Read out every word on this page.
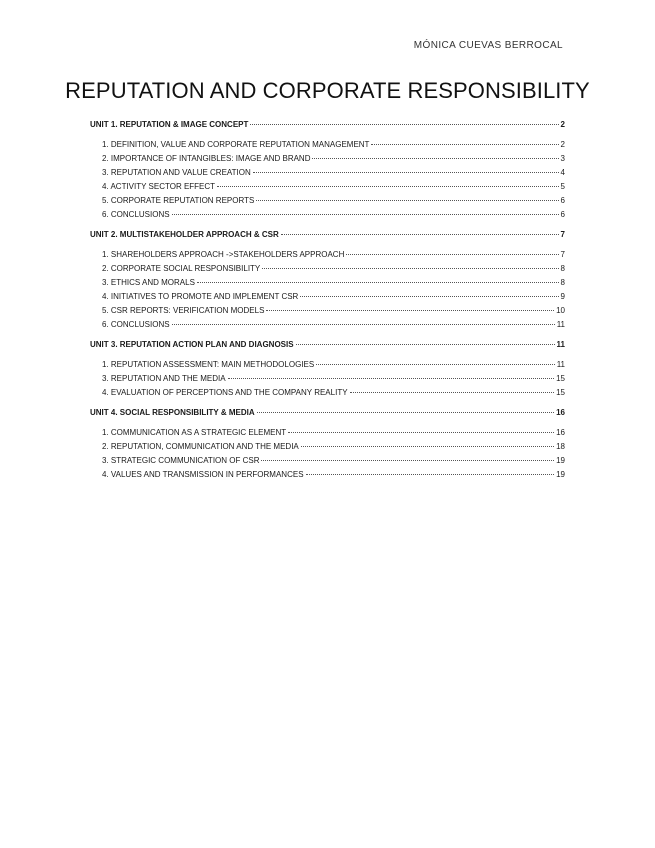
MÓNICA CUEVAS BERROCAL
REPUTATION AND CORPORATE RESPONSIBILITY
UNIT 1. REPUTATION & IMAGE CONCEPT	2
1. DEFINITION, VALUE AND CORPORATE REPUTATION MANAGEMENT	2
2. IMPORTANCE OF INTANGIBLES: IMAGE AND BRAND	3
3. REPUTATION AND VALUE CREATION	4
4. ACTIVITY SECTOR EFFECT	5
5. CORPORATE REPUTATION REPORTS	6
6. CONCLUSIONS	6
UNIT 2. MULTISTAKEHOLDER APPROACH & CSR	7
1. SHAREHOLDERS APPROACH ->STAKEHOLDERS APPROACH	7
2. CORPORATE SOCIAL RESPONSIBILITY	8
3. ETHICS AND MORALS	8
4. INITIATIVES TO PROMOTE AND IMPLEMENT CSR	9
5. CSR REPORTS: VERIFICATION MODELS	10
6. CONCLUSIONS	11
UNIT 3. REPUTATION ACTION PLAN AND DIAGNOSIS	11
1. REPUTATION ASSESSMENT: MAIN METHODOLOGIES	11
3. REPUTATION AND THE MEDIA	15
4. EVALUATION OF PERCEPTIONS AND THE COMPANY REALITY	15
UNIT 4. SOCIAL RESPONSIBILITY & MEDIA	16
1. COMMUNICATION AS A STRATEGIC ELEMENT	16
2. REPUTATION, COMMUNICATION AND THE MEDIA	18
3. STRATEGIC COMMUNICATION OF CSR	19
4. VALUES AND TRANSMISSION IN PERFORMANCES	19
